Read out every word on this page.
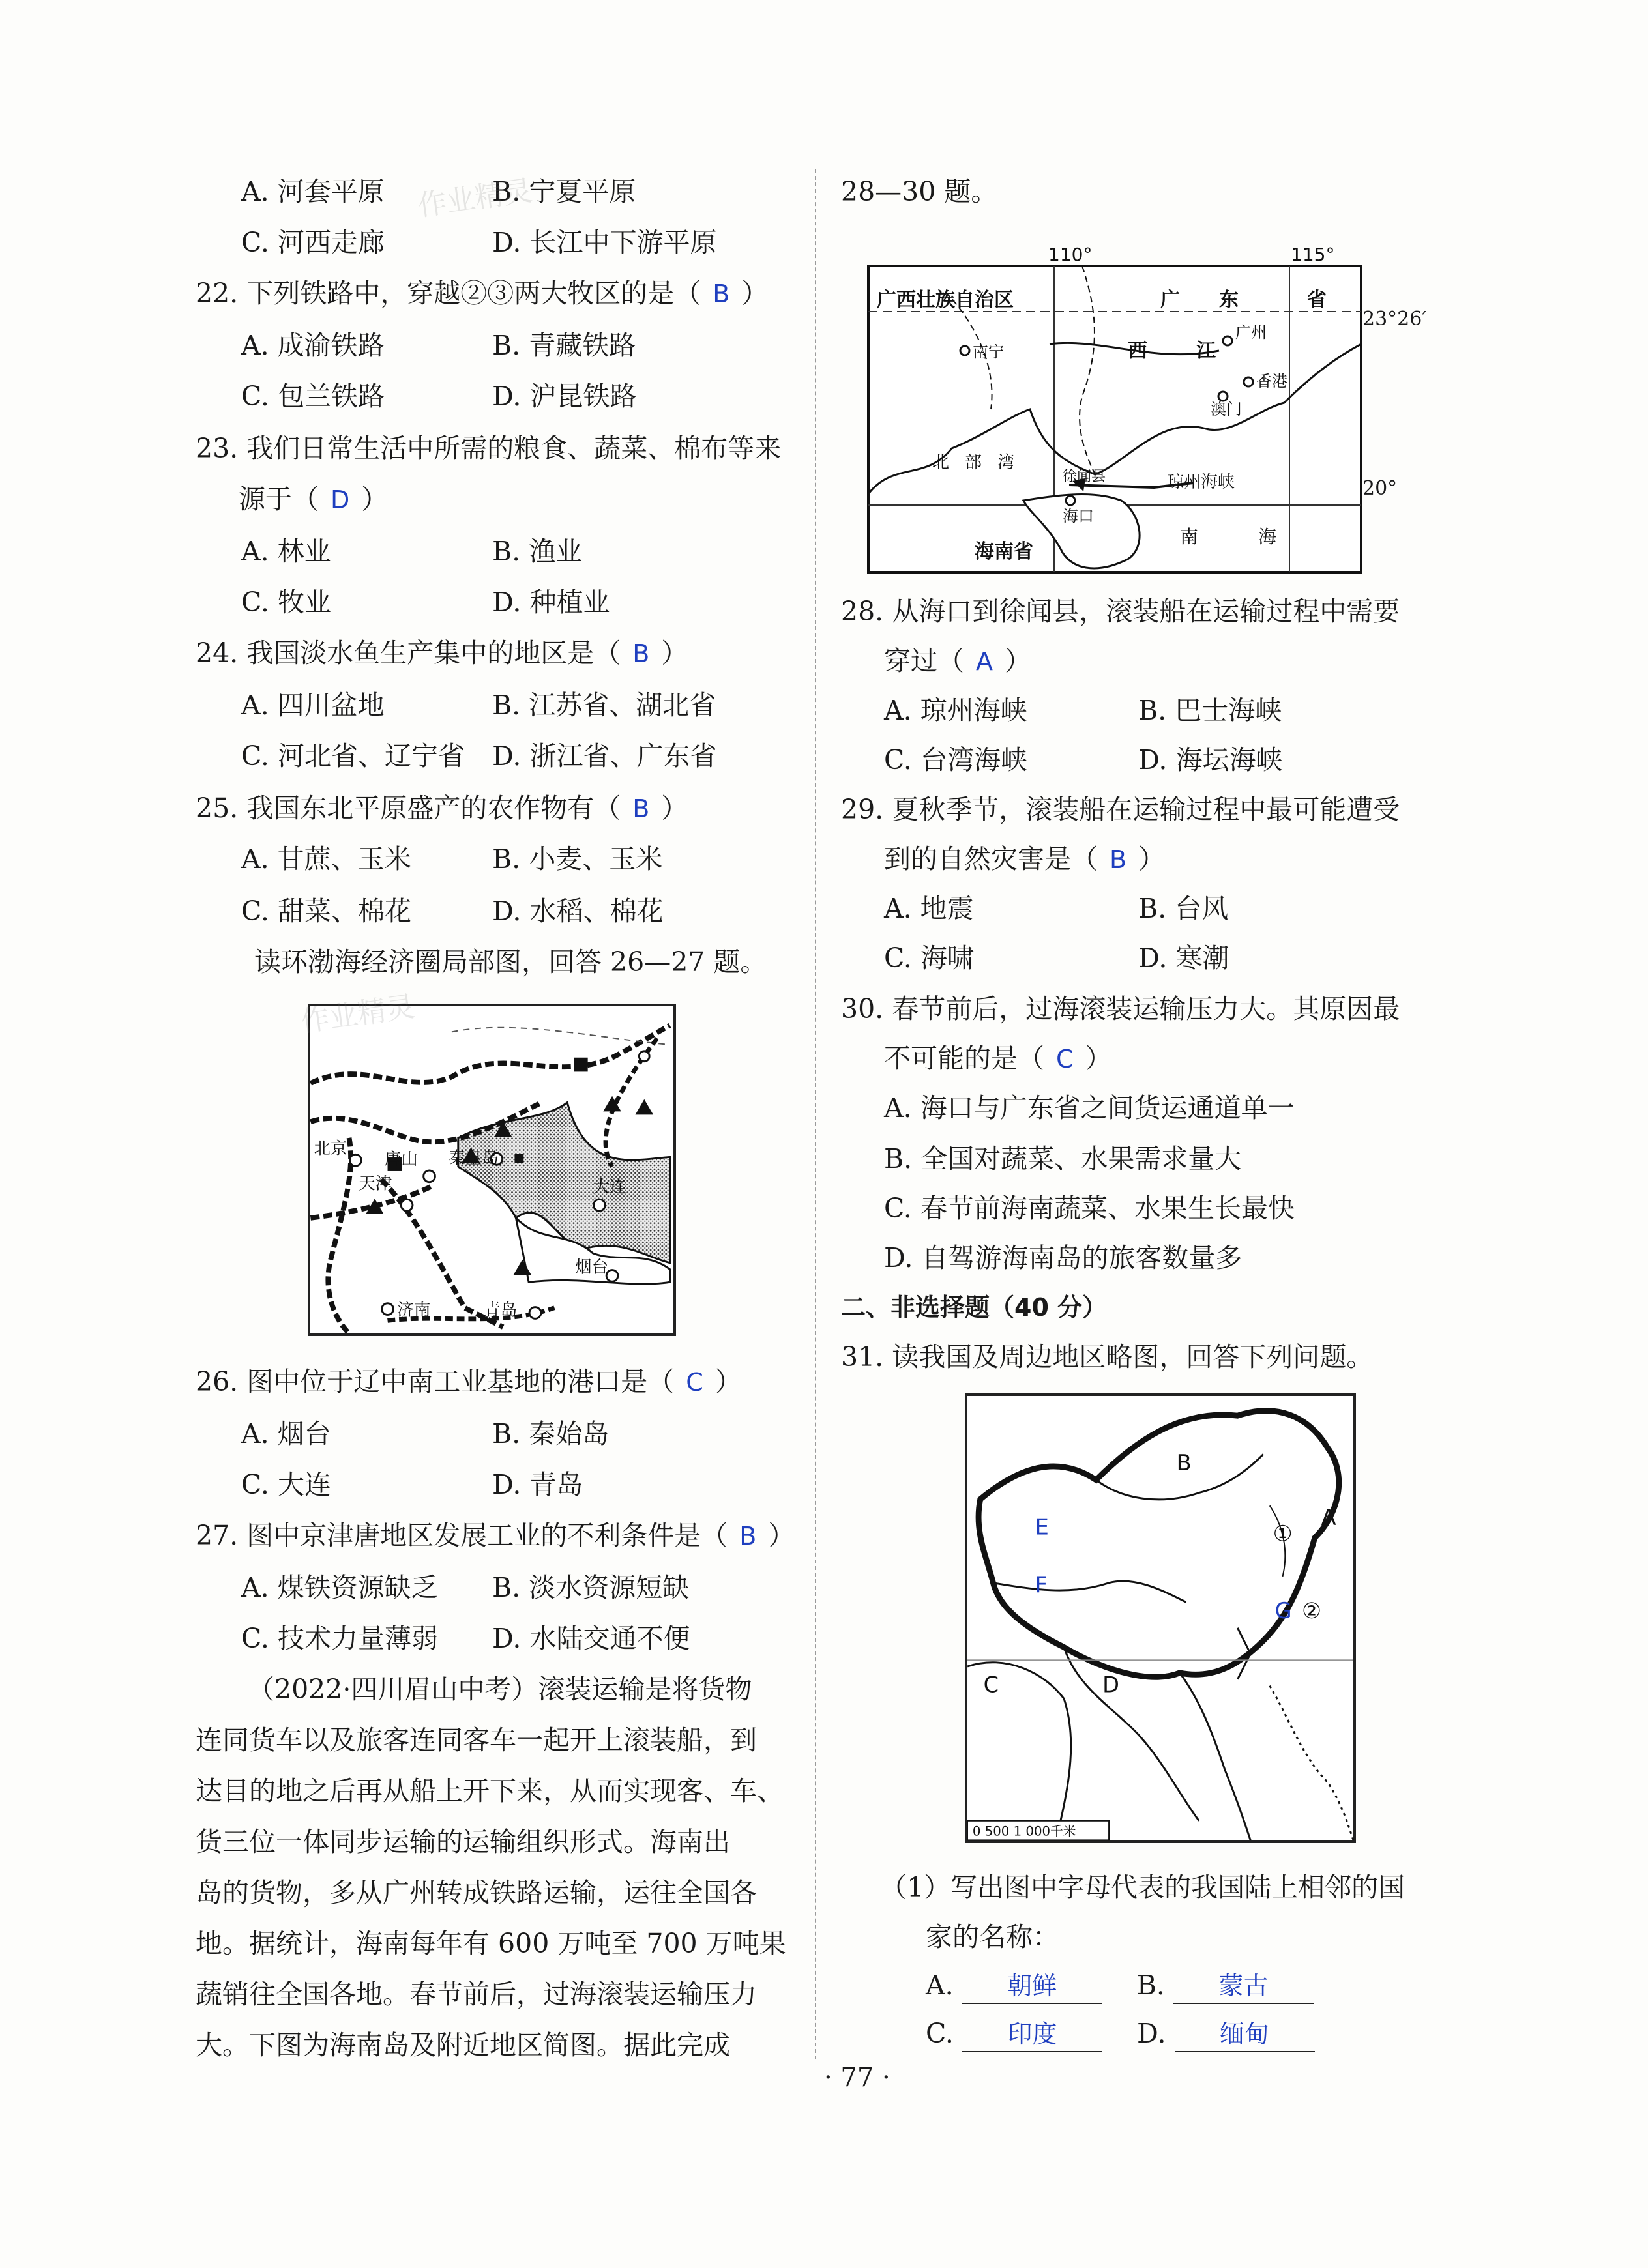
A. 河套平原	B. 宁夏平原
C. 河西走廊	D. 长江中下游平原
22. 下列铁路中，穿越②③两大牧区的是（ B ）
A. 成渝铁路	B. 青藏铁路
C. 包兰铁路	D. 沪昆铁路
23. 我们日常生活中所需的粮食、蔬菜、棉布等来
源于（ D ）
A. 林业	B. 渔业
C. 牧业	D. 种植业
24. 我国淡水鱼生产集中的地区是（ B ）
A. 四川盆地	B. 江苏省、湖北省
C. 河北省、辽宁省 D. 浙江省、广东省
25. 我国东北平原盛产的农作物有（ B ）
A. 甘蔗、玉米	B. 小麦、玉米
C. 甜菜、棉花	D. 水稻、棉花
读环渤海经济圈局部图，回答 26—27 题。
北京
唐山 秦皇岛
天津	大连
烟台
济南	青岛
26. 图中位于辽中南工业基地的港口是（ C ）
A. 烟台	B. 秦始岛
C. 大连	D. 青岛
27. 图中京津唐地区发展工业的不利条件是（ B ）
A. 煤铁资源缺乏 B. 淡水资源短缺
C. 技术力量薄弱 D. 水陆交通不便
（2022·四川眉山中考）滚装运输是将货物
连同货车以及旅客连同客车一起开上滚装船，到
达目的地之后再从船上开下来，从而实现客、车、
货三位一体同步运输的运输组织形式。海南出
岛的货物，多从广州转成铁路运输，运往全国各
地。据统计，海南每年有 600 万吨至 700 万吨果
蔬销往全国各地。春节前后，过海滚装运输压力
大。下图为海南岛及附近地区简图。据此完成
28—30 题。
110°	115°
广西壮族自治区	广 东	省
广州
南宁	西	江
香港
澳门
北 部 湾
徐闻县	琼州海峡
海口
海南省
南	海
23°26′
20°
28. 从海口到徐闻县，滚装船在运输过程中需要
穿过（ A ）
A. 琼州海峡	B. 巴士海峡
C. 台湾海峡	D. 海坛海峡
29. 夏秋季节，滚装船在运输过程中最可能遭受
到的自然灾害是（ B ）
A. 地震	B. 台风
C. 海啸	D. 寒潮
30. 春节前后，过海滚装运输压力大。其原因最
不可能的是（ C ）
A. 海口与广东省之间货运通道单一
B. 全国对蔬菜、水果需求量大
C. 春节前海南蔬菜、水果生长最快
D. 自驾游海南岛的旅客数量多
二、非选择题（40 分）
31. 读我国及周边地区略图，回答下列问题。
B
E
F
A
①
G ②
C	D
0 500 1 000千米
（1）写出图中字母代表的我国陆上相邻的国
家的名称：
A. 朝鲜	B. 蒙古
C. 印度	D. 缅甸
作业精灵
作业精灵
· 77 ·
